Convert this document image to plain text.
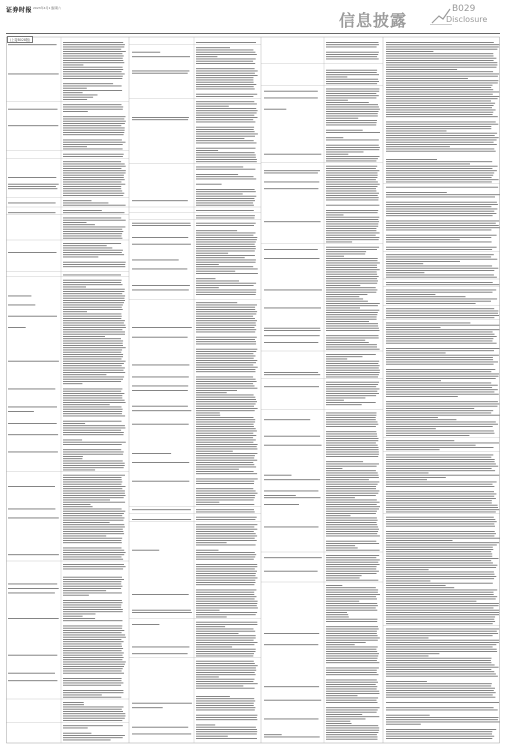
证券时报 2023年4月1日
星期六
信息披露
B029
Disclosure
(上接B028版)
